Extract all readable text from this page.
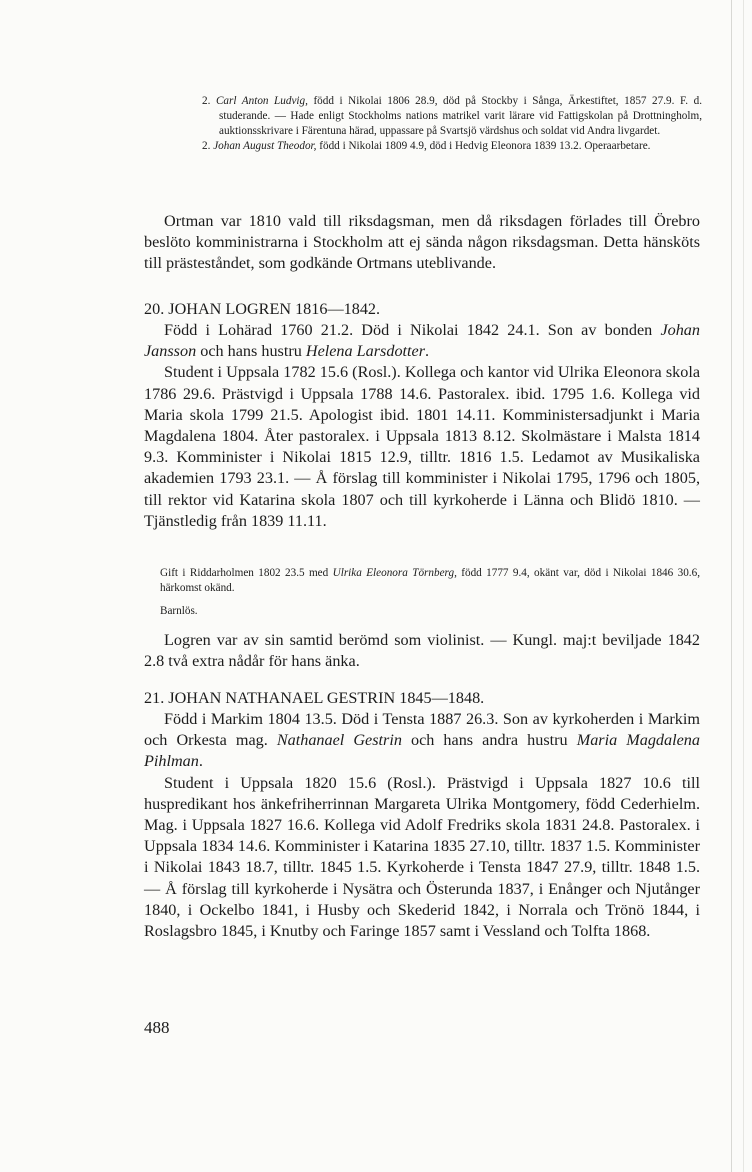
2. Carl Anton Ludvig, född i Nikolai 1806 28.9, död på Stockby i Sånga, Ärkestiftet, 1857 27.9. F. d. studerande. — Hade enligt Stockholms nations matrikel varit lärare vid Fattigskolan på Drottningholm, auktionsskrivare i Färentuna härad, uppassare på Svartsjö värdshus och soldat vid Andra livgardet.

2. Johan August Theodor, född i Nikolai 1809 4.9, död i Hedvig Eleonora 1839 13.2. Operaarbetare.

Ortman var 1810 vald till riksdagsman, men då riksdagen förlades till Örebro beslöto komministrarna i Stockholm att ej sända någon riksdagsman. Detta hänsköts till prästeståndet, som godkände Ortmans uteblivande.

20. JOHAN LOGREN 1816—1842.

Född i Lohärad 1760 21.2. Död i Nikolai 1842 24.1. Son av bonden Johan Jansson och hans hustru Helena Larsdotter.

Student i Uppsala 1782 15.6 (Rosl.). Kollega och kantor vid Ulrika Eleonora skola 1786 29.6. Prästvigd i Uppsala 1788 14.6. Pastoralex. ibid. 1795 1.6. Kollega vid Maria skola 1799 21.5. Apologist ibid. 1801 14.11. Komministersadjunkt i Maria Magdalena 1804. Åter pastoralex. i Uppsala 1813 8.12. Skolmästare i Malsta 1814 9.3. Komminister i Nikolai 1815 12.9, tilltr. 1816 1.5. Ledamot av Musikaliska akademien 1793 23.1. — Å förslag till komminister i Nikolai 1795, 1796 och 1805, till rektor vid Katarina skola 1807 och till kyrkoherde i Länna och Blidö 1810. — Tjänstledig från 1839 11.11.

Gift i Riddarholmen 1802 23.5 med Ulrika Eleonora Törnberg, född 1777 9.4, okänt var, död i Nikolai 1846 30.6, härkomst okänd.

Barnlös.

Logren var av sin samtid berömd som violinist. — Kungl. maj:t beviljade 1842 2.8 två extra nådår för hans änka.

21. JOHAN NATHANAEL GESTRIN 1845—1848.

Född i Markim 1804 13.5. Död i Tensta 1887 26.3. Son av kyrkoherden i Markim och Orkesta mag. Nathanael Gestrin och hans andra hustru Maria Magdalena Pihlman.

Student i Uppsala 1820 15.6 (Rosl.). Prästvigd i Uppsala 1827 10.6 till huspredikant hos änkefriherrinnan Margareta Ulrika Montgomery, född Cederhielm. Mag. i Uppsala 1827 16.6. Kollega vid Adolf Fredriks skola 1831 24.8. Pastoralex. i Uppsala 1834 14.6. Komminister i Katarina 1835 27.10, tilltr. 1837 1.5. Komminister i Nikolai 1843 18.7, tilltr. 1845 1.5. Kyrkoherde i Tensta 1847 27.9, tilltr. 1848 1.5. — Å förslag till kyrkoherde i Nysätra och Österunda 1837, i Enånger och Njutånger 1840, i Ockelbo 1841, i Husby och Skederid 1842, i Norrala och Trönö 1844, i Roslagsbro 1845, i Knutby och Faringe 1857 samt i Vessland och Tolfta 1868.

488
